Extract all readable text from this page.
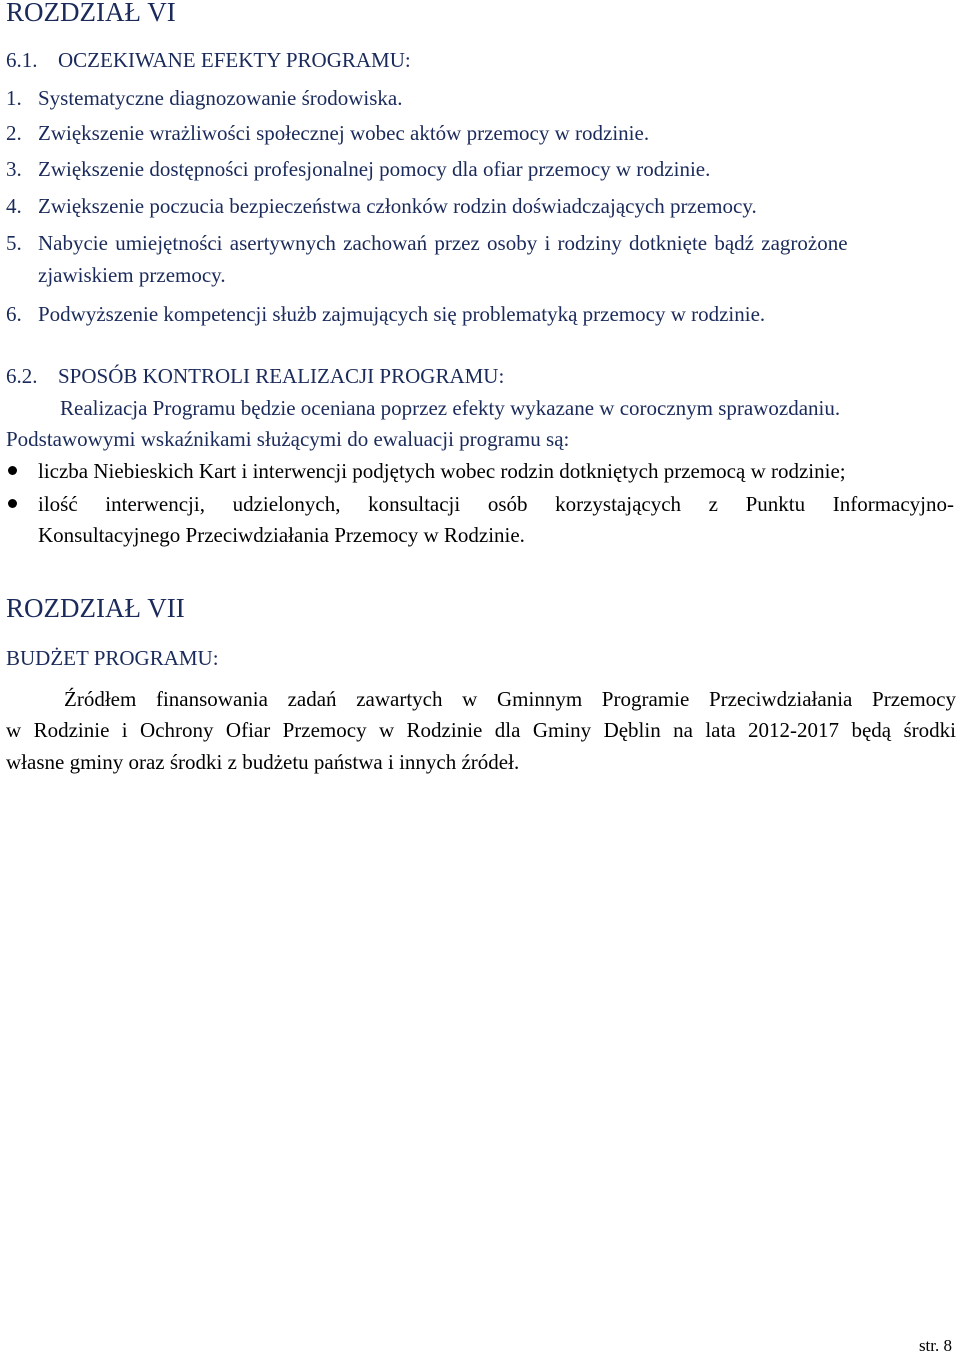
ROZDZIAŁ VI
6.1. OCZEKIWANE EFEKTY PROGRAMU:
1. Systematyczne diagnozowanie środowiska.
2. Zwiększenie wrażliwości społecznej wobec aktów przemocy w rodzinie.
3. Zwiększenie dostępności profesjonalnej pomocy dla ofiar przemocy w rodzinie.
4. Zwiększenie poczucia bezpieczeństwa członków rodzin doświadczających przemocy.
5. Nabycie umiejętności asertywnych zachowań przez osoby i rodziny dotknięte bądź zagrożone
zjawiskiem przemocy.
6. Podwyższenie kompetencji służb zajmujących się problematyką przemocy w rodzinie.
6.2. SPOSÓB KONTROLI REALIZACJI PROGRAMU:
Realizacja Programu będzie oceniana poprzez efekty wykazane w corocznym sprawozdaniu.
Podstawowymi wskaźnikami służącymi do ewaluacji programu są:
liczba Niebieskich Kart i interwencji podjętych wobec rodzin dotkniętych przemocą w rodzinie;
ilość interwencji, udzielonych, konsultacji osób korzystających z Punktu Informacyjno-
Konsultacyjnego Przeciwdziałania Przemocy w Rodzinie.
ROZDZIAŁ VII
BUDŻET PROGRAMU:
Źródłem finansowania zadań zawartych w Gminnym Programie Przeciwdziałania Przemocy
w Rodzinie i Ochrony Ofiar Przemocy w Rodzinie dla Gminy Dęblin na lata 2012-2017 będą środki
własne gminy oraz środki z budżetu państwa i innych źródeł.
str. 8
